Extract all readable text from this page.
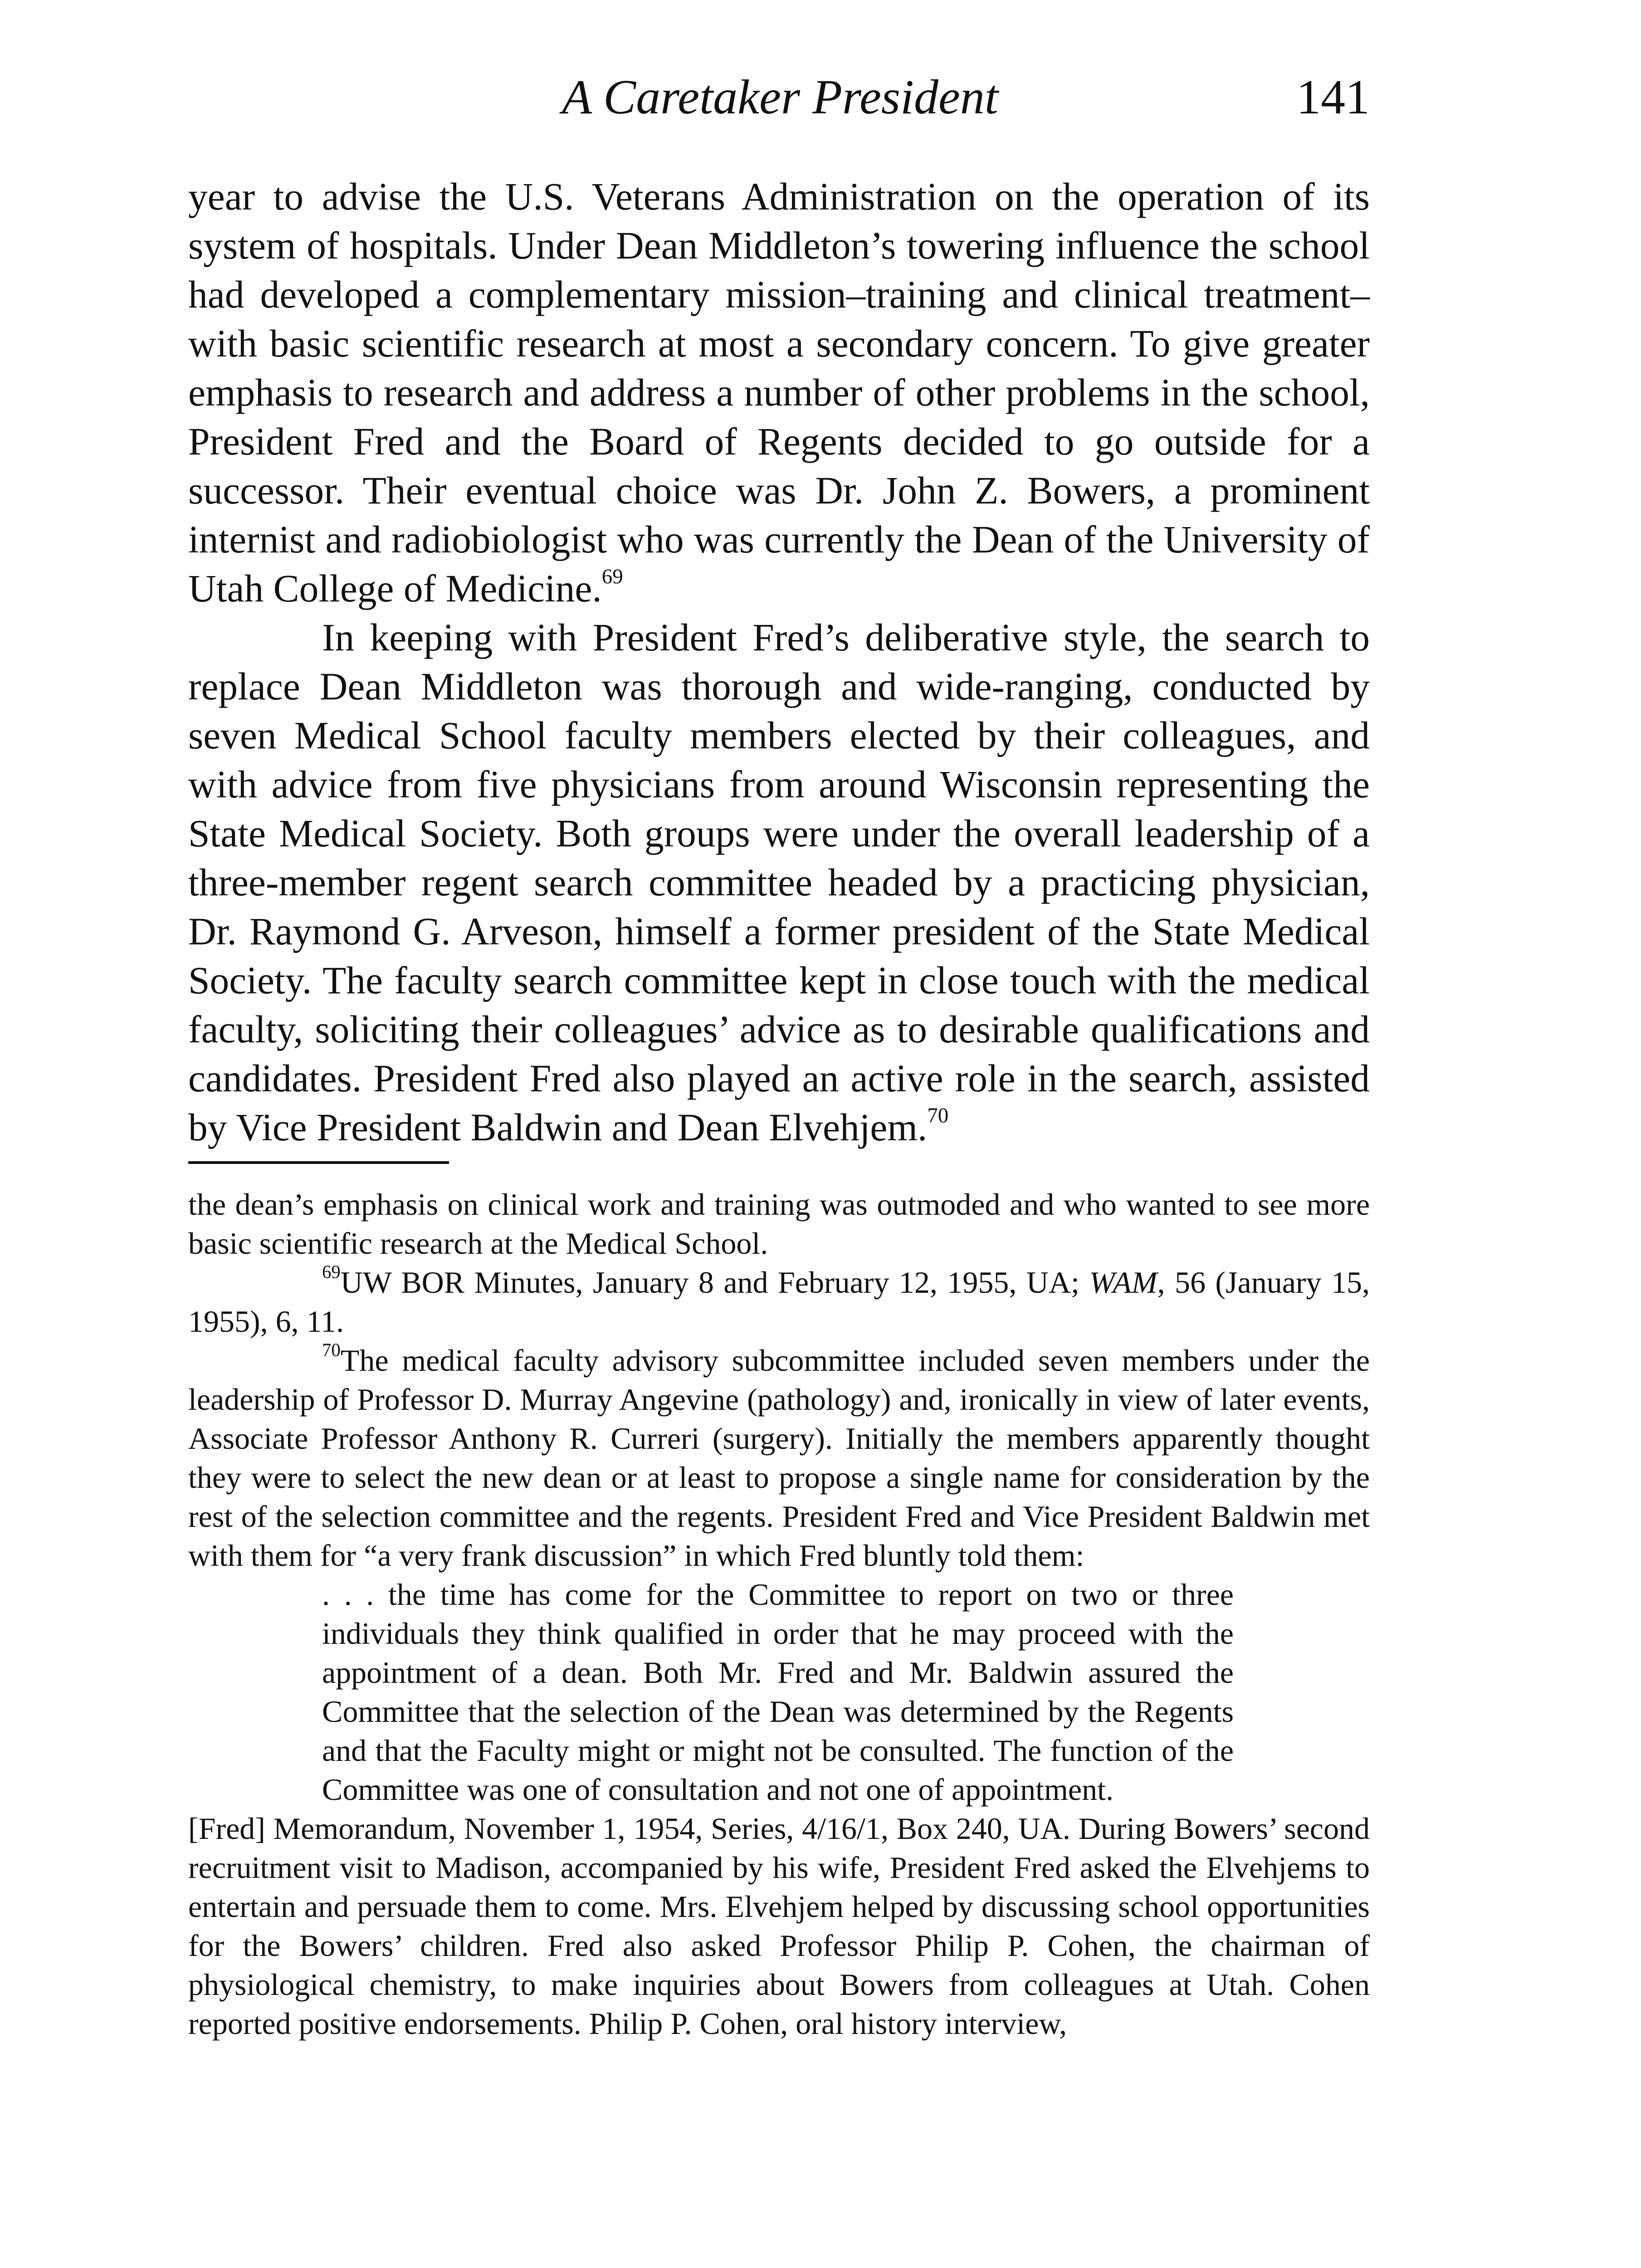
A Caretaker President	141

year to advise the U.S. Veterans Administration on the operation of its system of hospitals. Under Dean Middleton’s towering influence the school had developed a complementary mission–training and clinical treatment–with basic scientific research at most a secondary concern. To give greater emphasis to research and address a number of other problems in the school, President Fred and the Board of Regents decided to go outside for a successor. Their eventual choice was Dr. John Z. Bowers, a prominent internist and radiobiologist who was currently the Dean of the University of Utah College of Medicine.$^{69}$

In keeping with President Fred’s deliberative style, the search to replace Dean Middleton was thorough and wide-ranging, conducted by seven Medical School faculty members elected by their colleagues, and with advice from five physicians from around Wisconsin representing the State Medical Society. Both groups were under the overall leadership of a three-member regent search committee headed by a practicing physician, Dr. Raymond G. Arveson, himself a former president of the State Medical Society. The faculty search committee kept in close touch with the medical faculty, soliciting their colleagues’ advice as to desirable qualifications and candidates. President Fred also played an active role in the search, assisted by Vice President Baldwin and Dean Elvehjem.$^{70}$

the dean’s emphasis on clinical work and training was outmoded and who wanted to see more basic scientific research at the Medical School.

$^{69}$UW BOR Minutes, January 8 and February 12, 1955, UA; WAM, 56 (January 15, 1955), 6, 11.

$^{70}$The medical faculty advisory subcommittee included seven members under the leadership of Professor D. Murray Angevine (pathology) and, ironically in view of later events, Associate Professor Anthony R. Curreri (surgery). Initially the members apparently thought they were to select the new dean or at least to propose a single name for consideration by the rest of the selection committee and the regents. President Fred and Vice President Baldwin met with them for “a very frank discussion” in which Fred bluntly told them:

. . . the time has come for the Committee to report on two or three individuals they think qualified in order that he may proceed with the appointment of a dean. Both Mr. Fred and Mr. Baldwin assured the Committee that the selection of the Dean was determined by the Regents and that the Faculty might or might not be consulted. The function of the Committee was one of consultation and not one of appointment.

[Fred] Memorandum, November 1, 1954, Series, 4/16/1, Box 240, UA. During Bowers’ second recruitment visit to Madison, accompanied by his wife, President Fred asked the Elvehjems to entertain and persuade them to come. Mrs. Elvehjem helped by discussing school opportunities for the Bowers’ children. Fred also asked Professor Philip P. Cohen, the chairman of physiological chemistry, to make inquiries about Bowers from colleagues at Utah. Cohen reported positive endorsements. Philip P. Cohen, oral history interview,
